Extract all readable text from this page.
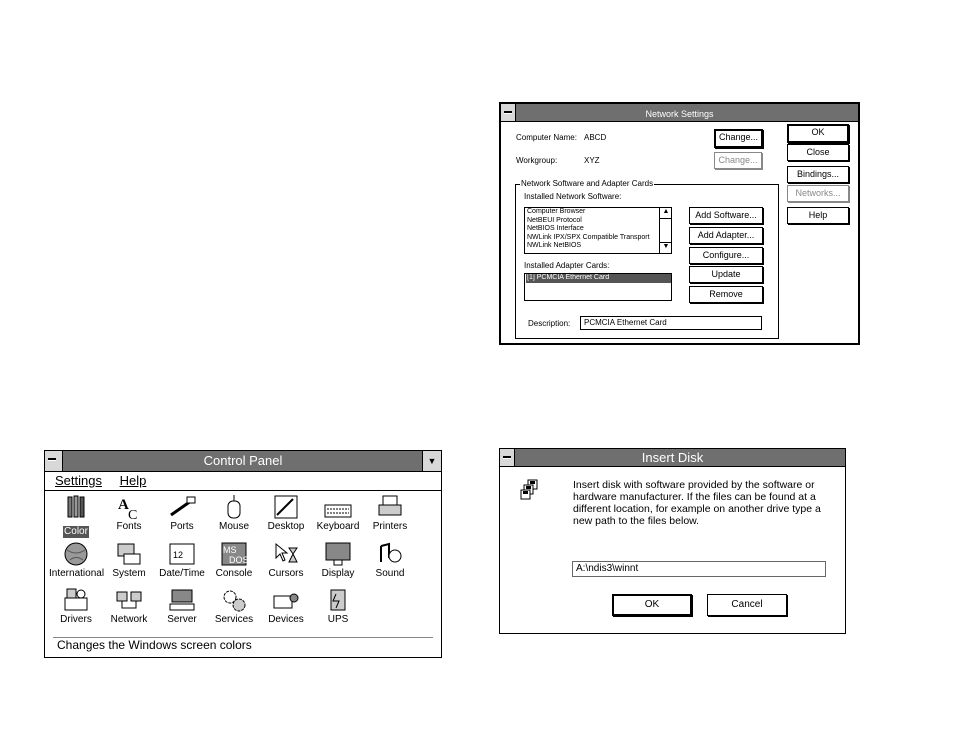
Network Settings
Computer Name: ABCD
Workgroup:	XYZ
Change...
Change...
OK
Close
Bindings...
Networks...
Help
Network Software and Adapter Cards
Installed Network Software:
Computer Browser
NetBEUI Protocol
NetBIOS Interface
NWLink IPX/SPX Compatible Transport
NWLink NetBIOS
▲
▼
Installed Adapter Cards:
[1] PCMCIA Ethernet Card
Add Software...
Add Adapter...
Configure...
Update
Remove
Description:	PCMCIA Ethernet Card
Control Panel	▼
Settings Help
Color
A
C
Fonts	Ports	Mouse	Desktop	Keyboard	Printers
International System
12
Date/Time
MS
DOS
Console	Cursors	Display	Sound
Drivers	Network	Server	Services	Devices	UPS
Changes the Windows screen colors
Insert Disk
Insert disk with software provided by the software or hardware manufacturer. If the files can be found at a different location, for example on another drive type a new path to the files below.
A:\ndis3\winnt
OK	Cancel
